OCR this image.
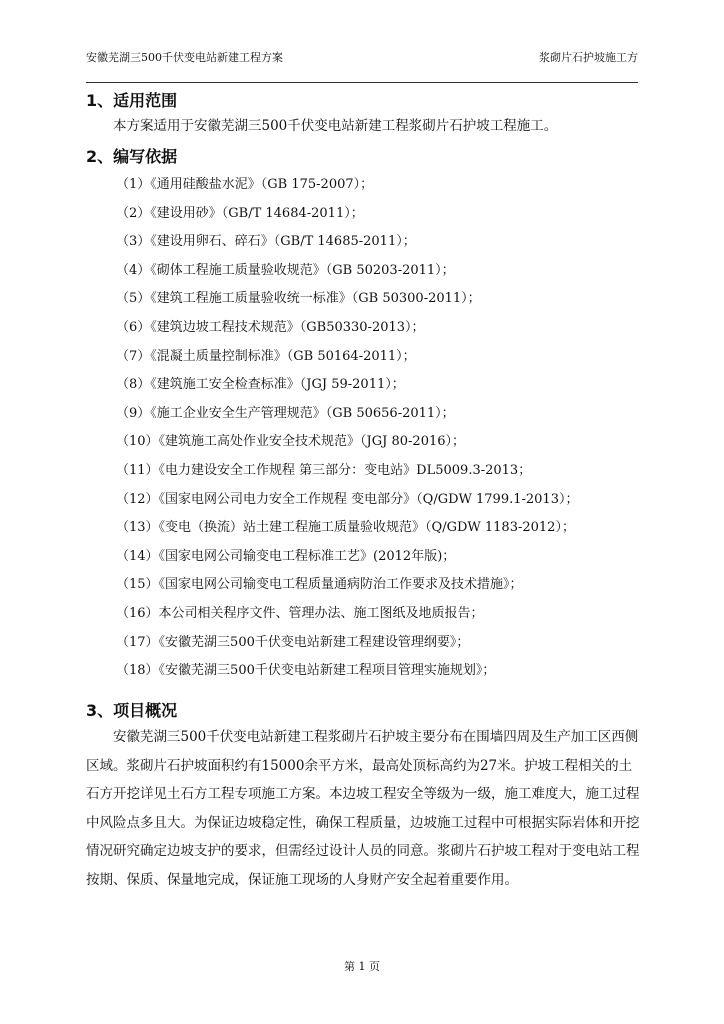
安徽芜湖三500千伏变电站新建工程方案	浆砌片石护坡施工方
1、适用范围
本方案适用于安徽芜湖三500千伏变电站新建工程浆砌片石护坡工程施工。
2、编写依据
（1）《通用硅酸盐水泥》（GB 175-2007）；
（2）《建设用砂》（GB/T 14684-2011）；
（3）《建设用卵石、碎石》（GB/T 14685-2011）；
（4）《砌体工程施工质量验收规范》（GB 50203-2011）；
（5）《建筑工程施工质量验收统一标准》（GB 50300-2011）；
（6）《建筑边坡工程技术规范》（GB50330-2013）；
（7）《混凝土质量控制标准》（GB 50164-2011）；
（8）《建筑施工安全检查标准》（JGJ 59-2011）；
（9）《施工企业安全生产管理规范》（GB 50656-2011）；
（10）《建筑施工高处作业安全技术规范》（JGJ 80-2016）；
（11）《电力建设安全工作规程 第三部分：变电站》DL5009.3-2013；
（12）《国家电网公司电力安全工作规程 变电部分》（Q/GDW 1799.1-2013）；
（13）《变电（换流）站土建工程施工质量验收规范》（Q/GDW 1183-2012）；
（14）《国家电网公司输变电工程标准工艺》(2012年版)；
（15）《国家电网公司输变电工程质量通病防治工作要求及技术措施》；
（16）本公司相关程序文件、管理办法、施工图纸及地质报告；
（17）《安徽芜湖三500千伏变电站新建工程建设管理纲要》；
（18）《安徽芜湖三500千伏变电站新建工程项目管理实施规划》；
3、项目概况
安徽芜湖三500千伏变电站新建工程浆砌片石护坡主要分布在围墙四周及生产加工区西侧区域。浆砌片石护坡面积约有15000余平方米，最高处顶标高约为27米。护坡工程相关的土石方开挖详见土石方工程专项施工方案。本边坡工程安全等级为一级，施工难度大，施工过程中风险点多且大。为保证边坡稳定性，确保工程质量，边坡施工过程中可根据实际岩体和开挖情况研究确定边坡支护的要求，但需经过设计人员的同意。浆砌片石护坡工程对于变电站工程按期、保质、保量地完成，保证施工现场的人身财产安全起着重要作用。
第 1 页
